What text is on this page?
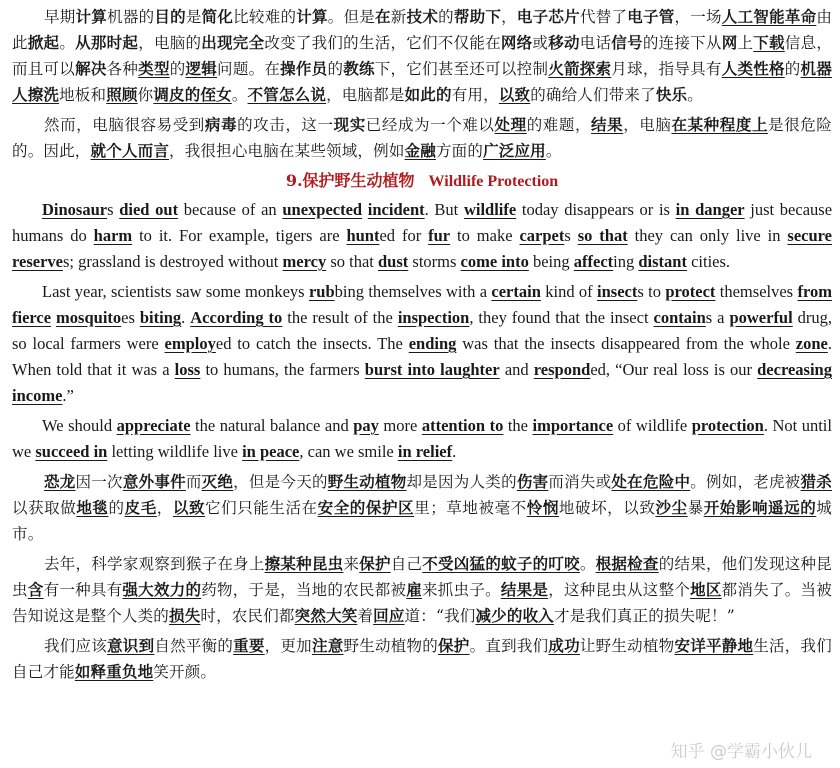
早期计算机器的目的是简化比较难的计算。但是在新技术的帮助下，电子芯片代替了电子管，一场人工智能革命由此掀起。从那时起，电脑的出现完全改变了我们的生活，它们不仅能在网络或移动电话信号的连接下从网上下载信息，而且可以解决各种类型的逻辑问题。在操作员的教练下，它们甚至还可以控制火箭探索月球，指导具有人类性格的机器人擦洗地板和照顾你调皮的侄女。不管怎么说，电脑都是如此的有用，以致的确给人们带来了快乐。

然而，电脑很容易受到病毒的攻击，这一现实已经成为一个难以处理的难题，结果，电脑在某种程度上是很危险的。因此，就个人而言，我很担心电脑在某些领域，例如金融方面的广泛应用。

9.保护野生动植物 Wildlife Protection

Dinosaurs died out because of an unexpected incident. But wildlife today disappears or is in danger just because humans do harm to it. For example, tigers are hunted for fur to make carpets so that they can only live in secure reserves; grassland is destroyed without mercy so that dust storms come into being affecting distant cities.

Last year, scientists saw some monkeys rubbing themselves with a certain kind of insects to protect themselves from fierce mosquitoes biting. According to the result of the inspection, they found that the insect contains a powerful drug, so local farmers were employed to catch the insects. The ending was that the insects disappeared from the whole zone. When told that it was a loss to humans, the farmers burst into laughter and responded, “Our real loss is our decreasing income.”

We should appreciate the natural balance and pay more attention to the importance of wildlife protection. Not until we succeed in letting wildlife live in peace, can we smile in relief.

恐龙因一次意外事件而灭绝，但是今天的野生动植物却是因为人类的伤害而消失或处在危险中。例如，老虎被猎杀以获取做地毯的皮毛，以致它们只能生活在安全的保护区里；草地被毫不怜悯地破坏，以致沙尘暴开始影响遥远的城市。

去年，科学家观察到猴子在身上擦某种昆虫来保护自己不受凶猛的蚊子的叮咬。根据检查的结果，他们发现这种昆虫含有一种具有强大效力的药物，于是，当地的农民都被雇来抓虫子。结果是，这种昆虫从这整个地区都消失了。当被告知说这是整个人类的损失时，农民们都突然大笑着回应道：“我们减少的收入才是我们真正的损失呢！”

我们应该意识到自然平衡的重要，更加注意野生动植物的保护。直到我们成功让野生动植物安详平静地生活，我们自己才能如释重负地笑开颜。

知乎 @学霸小伙儿
